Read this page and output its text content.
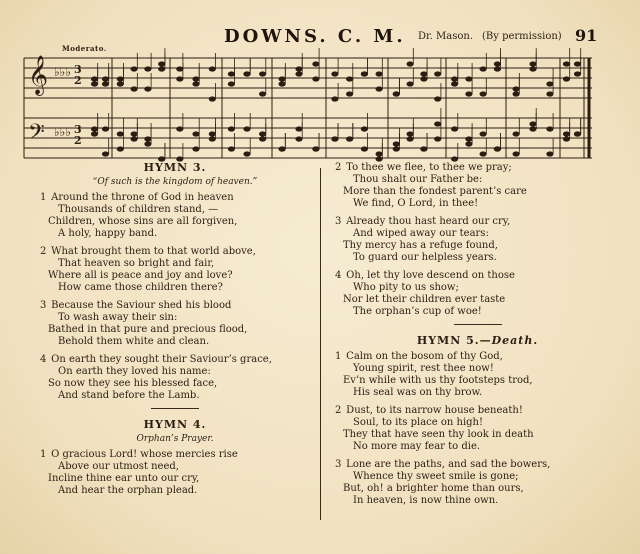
DOWNS. C. M. Dr. Mason. (By permission) 91
Moderato.
𝄞
𝄢
♭♭♭
♭♭♭
3
2
3
2

HYMN 3.

“Of such is the kingdom of heaven.”

1 Around the throne of God in heaven
Thousands of children stand, —
Children, whose sins are all forgiven,
A holy, happy band.
2 What brought them to that world above,
That heaven so bright and fair,
Where all is peace and joy and love?
How came those children there?
3 Because the Saviour shed his blood
To wash away their sin:
Bathed in that pure and precious flood,
Behold them white and clean.
4 On earth they sought their Saviour’s grace,
On earth they loved his name:
So now they see his blessed face,
And stand before the Lamb.

HYMN 4.

Orphan’s Prayer.

1 O gracious Lord! whose mercies rise
Above our utmost need,
Incline thine ear unto our cry,
And hear the orphan plead.
2 To thee we flee, to thee we pray;
Thou shalt our Father be:
More than the fondest parent’s care
We find, O Lord, in thee!
3 Already thou hast heard our cry,
And wiped away our tears:
Thy mercy has a refuge found,
To guard our helpless years.
4 Oh, let thy love descend on those
Who pity to us show;
Nor let their children ever taste
The orphan’s cup of woe!

HYMN 5.—Death.

1 Calm on the bosom of thy God,
Young spirit, rest thee now!
Ev’n while with us thy footsteps trod,
His seal was on thy brow.
2 Dust, to its narrow house beneath!
Soul, to its place on high!
They that have seen thy look in death
No more may fear to die.
3 Lone are the paths, and sad the bowers,
Whence thy sweet smile is gone;
But, oh! a brighter home than ours,
In heaven, is now thine own.
